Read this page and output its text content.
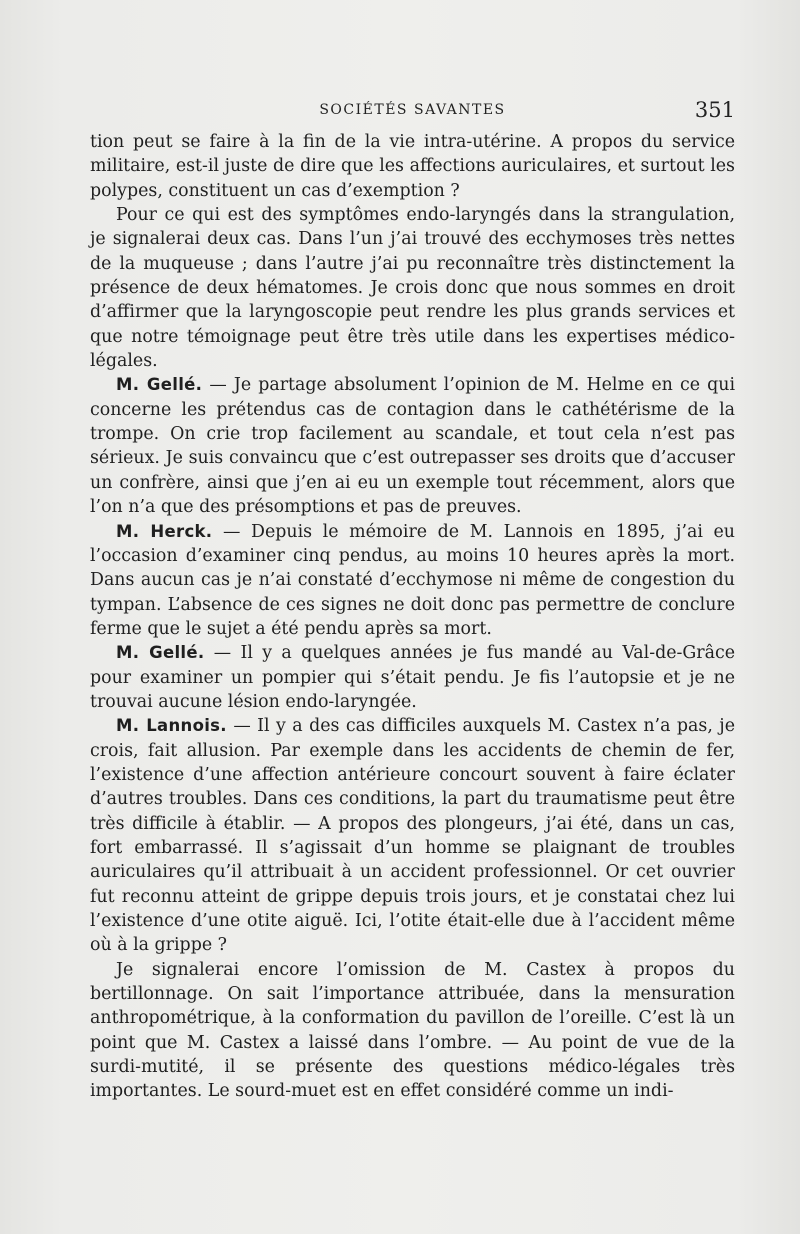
SOCIÉTÉS SAVANTES	351

tion peut se faire à la fin de la vie intra-utérine. A propos du service militaire, est-il juste de dire que les affections auriculaires, et surtout les polypes, constituent un cas d’exemption ?

Pour ce qui est des symptômes endo-laryngés dans la strangulation, je signalerai deux cas. Dans l’un j’ai trouvé des ecchymoses très nettes de la muqueuse ; dans l’autre j’ai pu reconnaître très distinctement la présence de deux hématomes. Je crois donc que nous sommes en droit d’affirmer que la laryngoscopie peut rendre les plus grands services et que notre témoignage peut être très utile dans les expertises médico-légales.

M. Gellé. — Je partage absolument l’opinion de M. Helme en ce qui concerne les prétendus cas de contagion dans le cathétérisme de la trompe. On crie trop facilement au scandale, et tout cela n’est pas sérieux. Je suis convaincu que c’est outrepasser ses droits que d’accuser un confrère, ainsi que j’en ai eu un exemple tout récemment, alors que l’on n’a que des présomptions et pas de preuves.

M. Herck. — Depuis le mémoire de M. Lannois en 1895, j’ai eu l’occasion d’examiner cinq pendus, au moins 10 heures après la mort. Dans aucun cas je n’ai constaté d’ecchymose ni même de congestion du tympan. L’absence de ces signes ne doit donc pas permettre de conclure ferme que le sujet a été pendu après sa mort.

M. Gellé. — Il y a quelques années je fus mandé au Val-de-Grâce pour examiner un pompier qui s’était pendu. Je fis l’autopsie et je ne trouvai aucune lésion endo-laryngée.

M. Lannois. — Il y a des cas difficiles auxquels M. Castex n’a pas, je crois, fait allusion. Par exemple dans les accidents de chemin de fer, l’existence d’une affection antérieure concourt souvent à faire éclater d’autres troubles. Dans ces conditions, la part du traumatisme peut être très difficile à établir. — A propos des plongeurs, j’ai été, dans un cas, fort embarrassé. Il s’agissait d’un homme se plaignant de troubles auriculaires qu’il attribuait à un accident professionnel. Or cet ouvrier fut reconnu atteint de grippe depuis trois jours, et je constatai chez lui l’existence d’une otite aiguë. Ici, l’otite était-elle due à l’accident même où à la grippe ?

Je signalerai encore l’omission de M. Castex à propos du bertillonnage. On sait l’importance attribuée, dans la mensuration anthropométrique, à la conformation du pavillon de l’oreille. C’est là un point que M. Castex a laissé dans l’ombre. — Au point de vue de la surdi-mutité, il se présente des questions médico-légales très importantes. Le sourd-muet est en effet considéré comme un indi-
